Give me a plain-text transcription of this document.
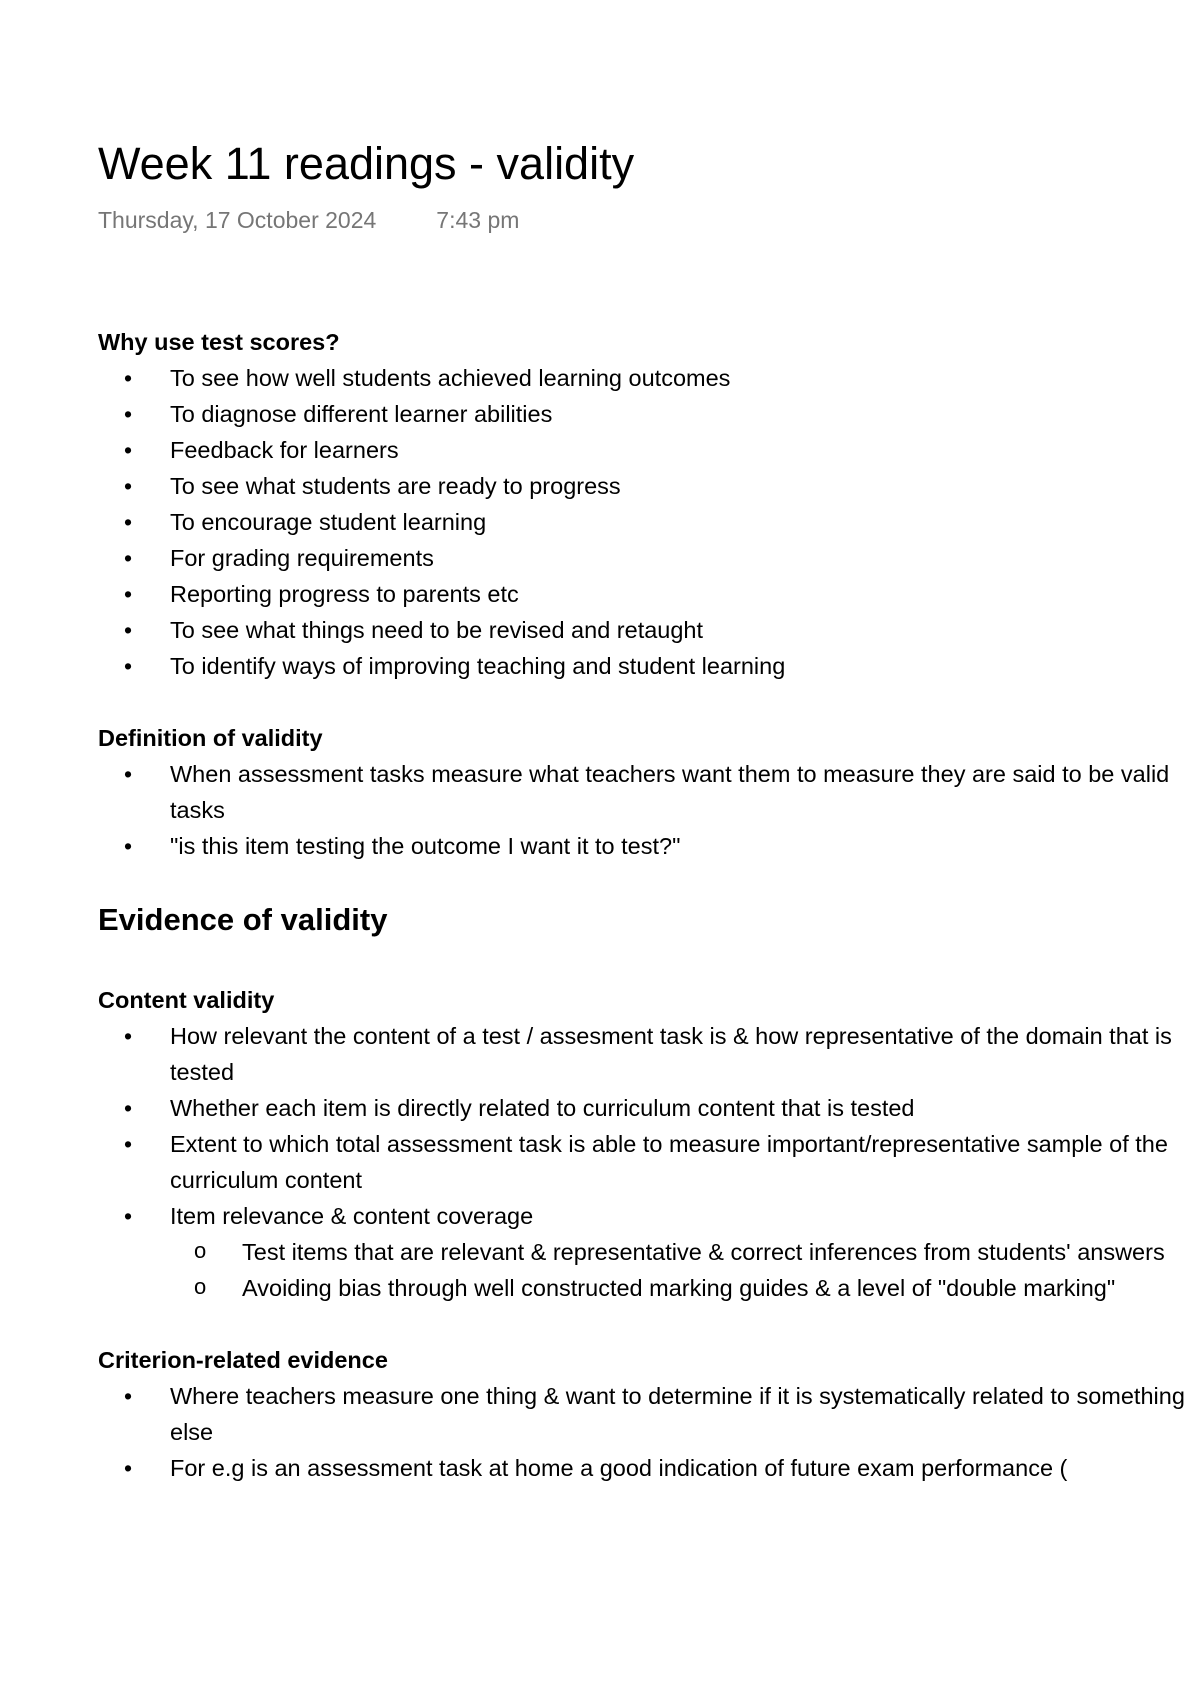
Week 11 readings - validity
Thursday, 17 October 2024	7:43 pm
Why use test scores?
• To see how well students achieved learning outcomes
• To diagnose different learner abilities
• Feedback for learners
• To see what students are ready to progress
• To encourage student learning
• For grading requirements
• Reporting progress to parents etc
• To see what things need to be revised and retaught
• To identify ways of improving teaching and student learning
Definition of validity
• When assessment tasks measure what teachers want them to measure they are said to be valid tasks
• "is this item testing the outcome I want it to test?"
Evidence of validity
Content validity
• How relevant the content of a test / assesment task is & how representative of the domain that is tested
• Whether each item is directly related to curriculum content that is tested
• Extent to which total assessment task is able to measure important/representative sample of the curriculum content
• Item relevance & content coverage
o Test items that are relevant & representative & correct inferences from students' answers
o Avoiding bias through well constructed marking guides & a level of "double marking"
Criterion-related evidence
• Where teachers measure one thing & want to determine if it is systematically related to something else
• For e.g is an assessment task at home a good indication of future exam performance (
